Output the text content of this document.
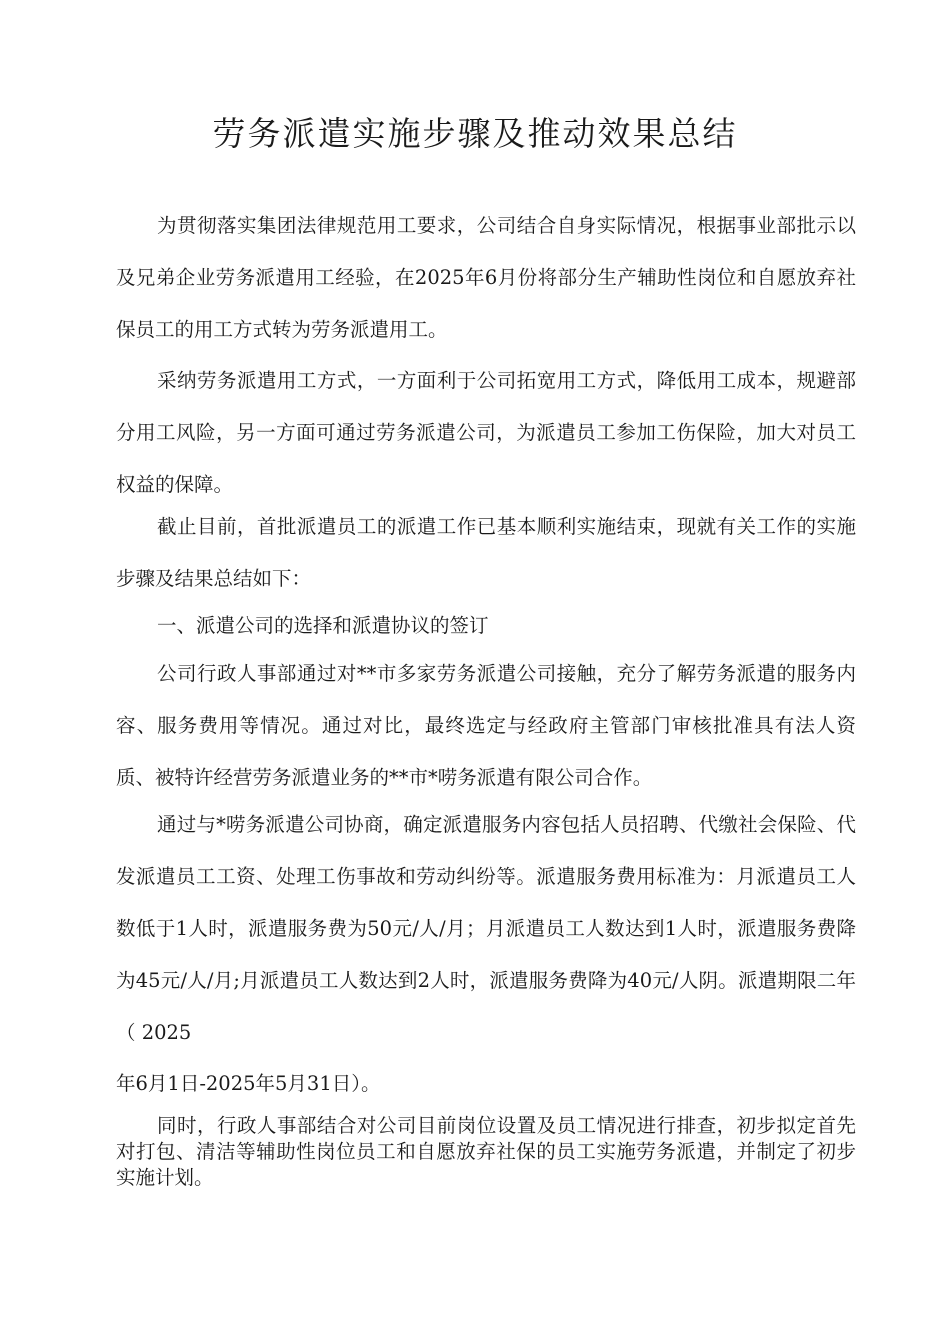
劳务派遣实施步骤及推动效果总结

为贯彻落实集团法律规范用工要求，公司结合自身实际情况，根据事业部批示以及兄弟企业劳务派遣用工经验，在2025年6月份将部分生产辅助性岗位和自愿放弃社保员工的用工方式转为劳务派遣用工。

采纳劳务派遣用工方式，一方面利于公司拓宽用工方式，降低用工成本，规避部分用工风险，另一方面可通过劳务派遣公司，为派遣员工参加工伤保险，加大对员工权益的保障。

截止目前，首批派遣员工的派遣工作已基本顺利实施结束，现就有关工作的实施步骤及结果总结如下：

一、派遣公司的选择和派遣协议的签订

公司行政人事部通过对**市多家劳务派遣公司接触，充分了解劳务派遣的服务内容、服务费用等情况。通过对比，最终选定与经政府主管部门审核批准具有法人资质、被特许经营劳务派遣业务的**市*唠务派遣有限公司合作。

通过与*唠务派遣公司协商，确定派遣服务内容包括人员招聘、代缴社会保险、代发派遣员工工资、处理工伤事故和劳动纠纷等。派遣服务费用标准为：月派遣员工人数低于1人时，派遣服务费为50元/人/月；月派遣员工人数达到1人时，派遣服务费降为45元/人/月;月派遣员工人数达到2人时，派遣服务费降为40元/人阴。派遣期限二年（ 2025

年6月1日-2025年5月31日）。

同时，行政人事部结合对公司目前岗位设置及员工情况进行排查，初步拟定首先对打包、清洁等辅助性岗位员工和自愿放弃社保的员工实施劳务派遣，并制定了初步实施计划。
